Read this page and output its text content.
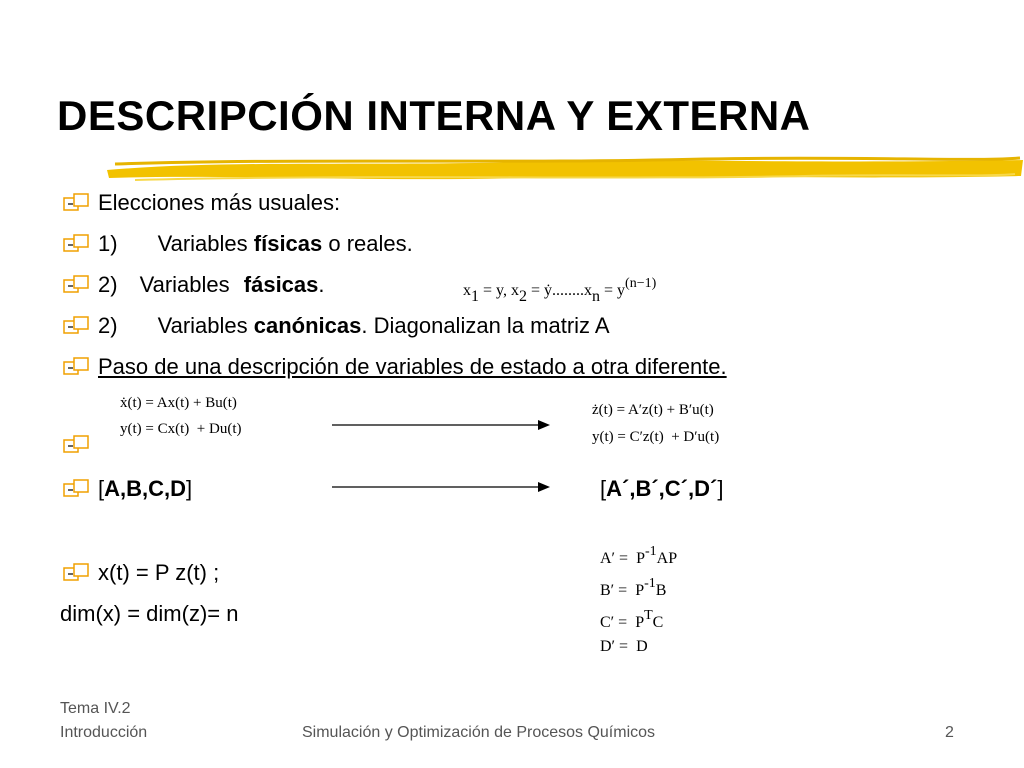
DESCRIPCIÓN INTERNA Y EXTERNA
Elecciones más usuales:
1) Variables físicas o reales.
2) Variables fásicas .	$x_1 = y$, $x_2$ = $ẏ........x_n = y^{(n-1)}$
2) Variables canónicas . Diagonalizan la matriz A
Paso de una descripción de variables de estado a otra diferente.
ẋ(t) = Ax(t) + Bu(t)
y(t) = Cx(t)  + Du(t)
ż(t) = A′z(t) + B′u(t)
y(t) = C′z(t)  + D′u(t)
[ A,B,C,D ]	[A´,B´,C´,D´]
x(t) = P z(t) ;
dim(x) = dim(z)= n
$A' = P^{-1}AP$
$B' = P^{-1}B$
$C' = P^TC$
D′ =  D
Tema IV.2
Introducción	Simulación y Optimización de Procesos Químicos	2
